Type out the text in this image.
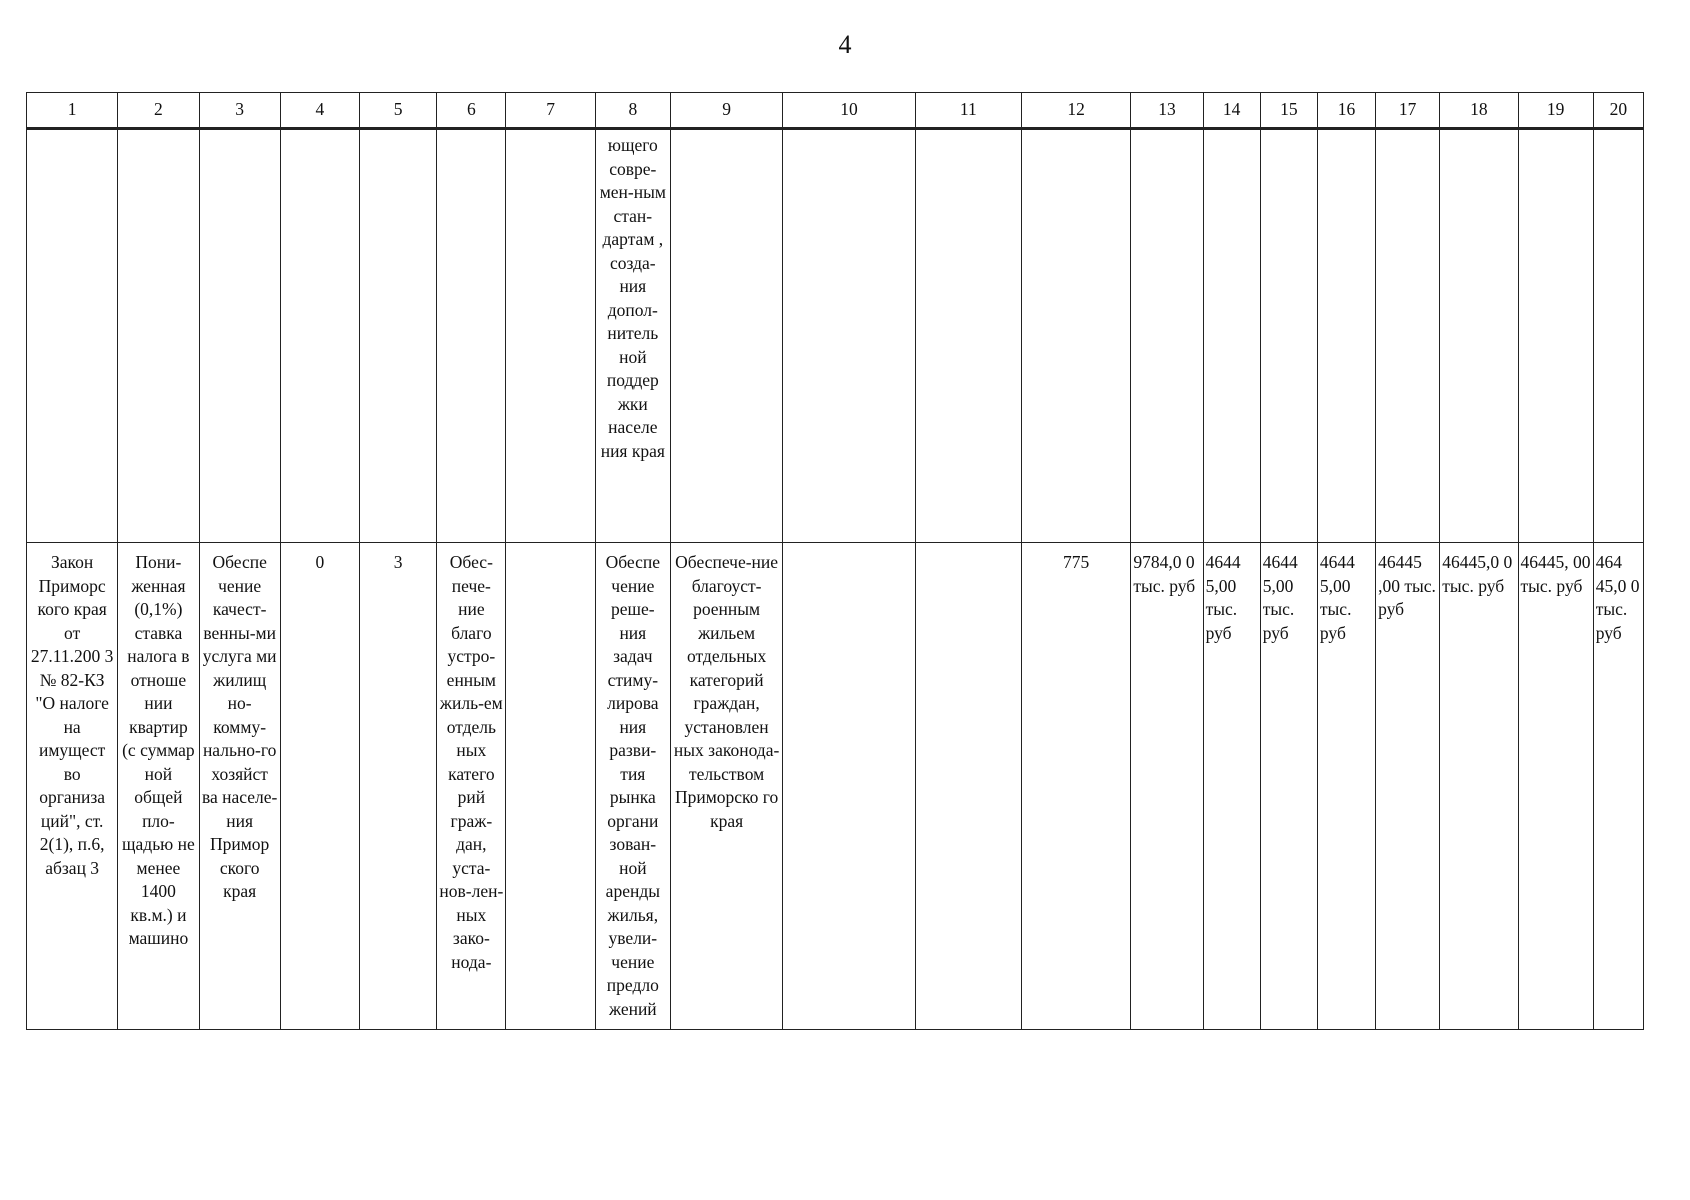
4
1	2	3	4	5	6	7	8	9	10	11	12	13	14	15	16	17	18	19	20
							ющего совре-мен-ным стан-дартам , созда-ния допол-нитель ной поддер жки населе ния края												
Закон Приморс кого края от 27.11.200 3 № 82-КЗ "О налоге на имущест во организа ций", ст. 2(1), п.6, абзац 3	Пони-женная (0,1%) ставка налога в отноше нии квартир (с суммар ной общей пло-щадью не менее 1400 кв.м.) и машино	Обеспе чение качест-венны-ми услуга ми жилищ но-комму-нально-го хозяйст ва населе-ния Примор ского края	0	3	Обес-пече-ние благо устро-енным жиль-ем отдель ных катего рий граж-дан, уста-нов-лен-ных зако-нода-		Обеспе чение реше-ния задач стиму-лирова ния разви-тия рынка органи зован-ной аренды жилья, увели-чение предло жений	Обеспече-ние благоуст-роенным жильем отдельных категорий граждан, установлен ных законода-тельством Приморско го края			775	9784,0 0 тыс. руб	4644 5,00 тыс. руб	4644 5,00 тыс. руб	4644 5,00 тыс. руб	46445 ,00 тыс. руб	46445,0 0 тыс. руб	46445, 00 тыс. руб	464 45,0 0 тыс. руб
